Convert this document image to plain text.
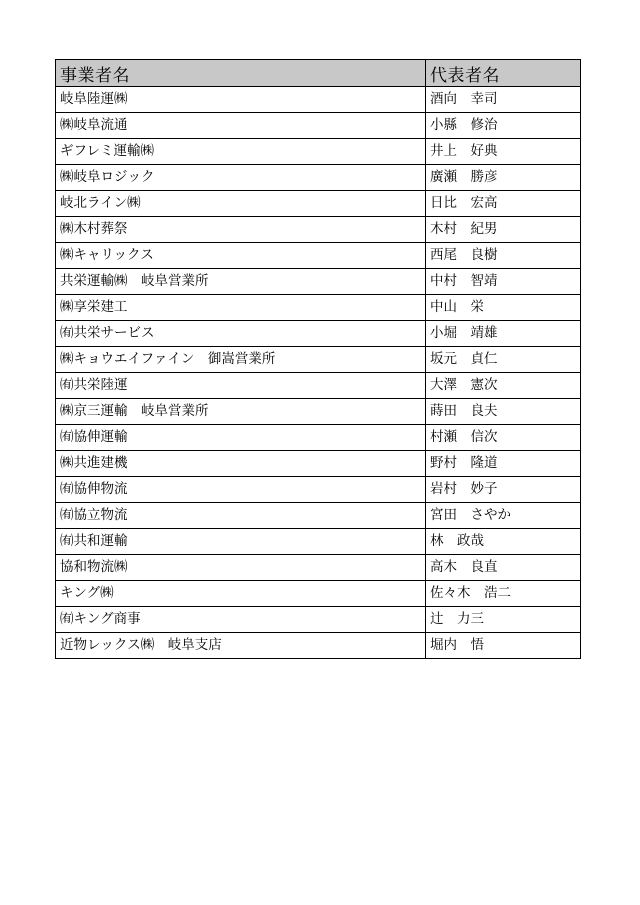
事業者名	代表者名
岐阜陸運㈱	酒向　幸司
㈱岐阜流通	小縣　修治
ギフレミ運輸㈱	井上　好典
㈱岐阜ロジック	廣瀬　勝彦
岐北ライン㈱	日比　宏高
㈱木村葬祭	木村　紀男
㈱キャリックス	西尾　良樹
共栄運輸㈱　岐阜営業所	中村　智靖
㈱享栄建工	中山　栄
㈲共栄サービス	小堀　靖雄
㈱キョウエイファイン　御嵩営業所	坂元　貞仁
㈲共栄陸運	大澤　憲次
㈱京三運輸　岐阜営業所	蒔田　良夫
㈲協伸運輸	村瀬　信次
㈱共進建機	野村　隆道
㈲協伸物流	岩村　妙子
㈲協立物流	宮田　さやか
㈲共和運輸	林　政哉
協和物流㈱	高木　良直
キング㈱	佐々木　浩二
㈲キング商事	辻　力三
近物レックス㈱　岐阜支店	堀内　悟
